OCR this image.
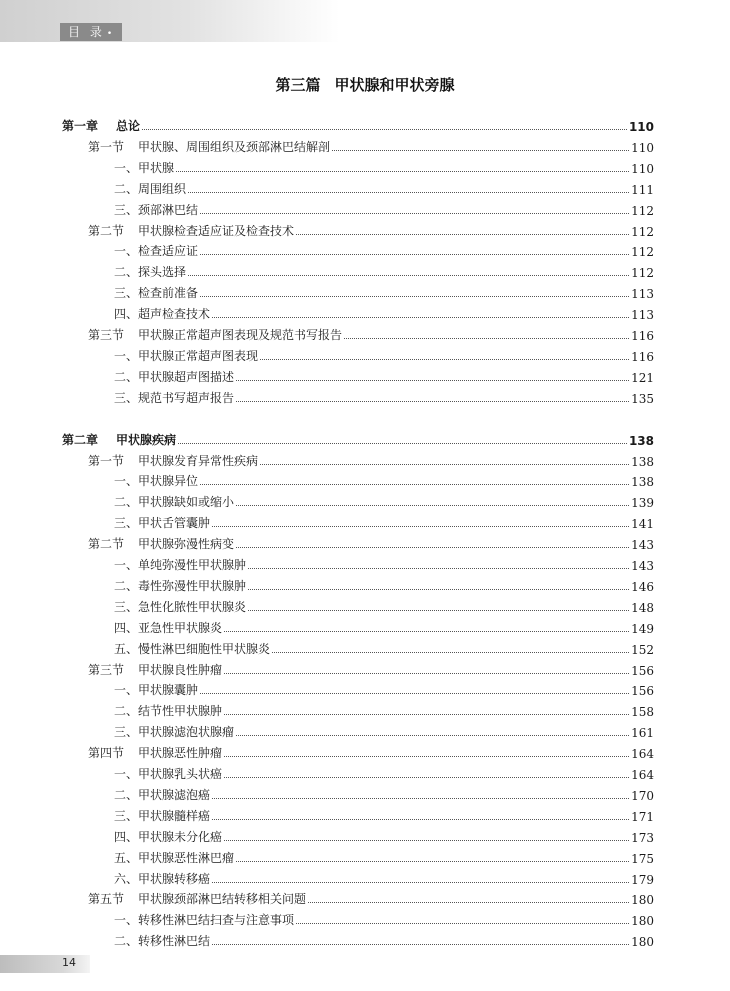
目 录 •
第三篇 甲状腺和甲状旁腺
第一章	总论	110
第一节	甲状腺、周围组织及颈部淋巴结解剖	110
一、甲状腺	110
二、周围组织	111
三、颈部淋巴结	112
第二节	甲状腺检查适应证及检查技术	112
一、检查适应证	112
二、探头选择	112
三、检查前准备	113
四、超声检查技术	113
第三节	甲状腺正常超声图表现及规范书写报告	116
一、甲状腺正常超声图表现	116
二、甲状腺超声图描述	121
三、规范书写超声报告	135
第二章	甲状腺疾病	138
第一节	甲状腺发育异常性疾病	138
一、甲状腺异位	138
二、甲状腺缺如或缩小	139
三、甲状舌管囊肿	141
第二节	甲状腺弥漫性病变	143
一、单纯弥漫性甲状腺肿	143
二、毒性弥漫性甲状腺肿	146
三、急性化脓性甲状腺炎	148
四、亚急性甲状腺炎	149
五、慢性淋巴细胞性甲状腺炎	152
第三节	甲状腺良性肿瘤	156
一、甲状腺囊肿	156
二、结节性甲状腺肿	158
三、甲状腺滤泡状腺瘤	161
第四节	甲状腺恶性肿瘤	164
一、甲状腺乳头状癌	164
二、甲状腺滤泡癌	170
三、甲状腺髓样癌	171
四、甲状腺未分化癌	173
五、甲状腺恶性淋巴瘤	175
六、甲状腺转移癌	179
第五节	甲状腺颈部淋巴结转移相关问题	180
一、转移性淋巴结扫查与注意事项	180
二、转移性淋巴结	180
14
